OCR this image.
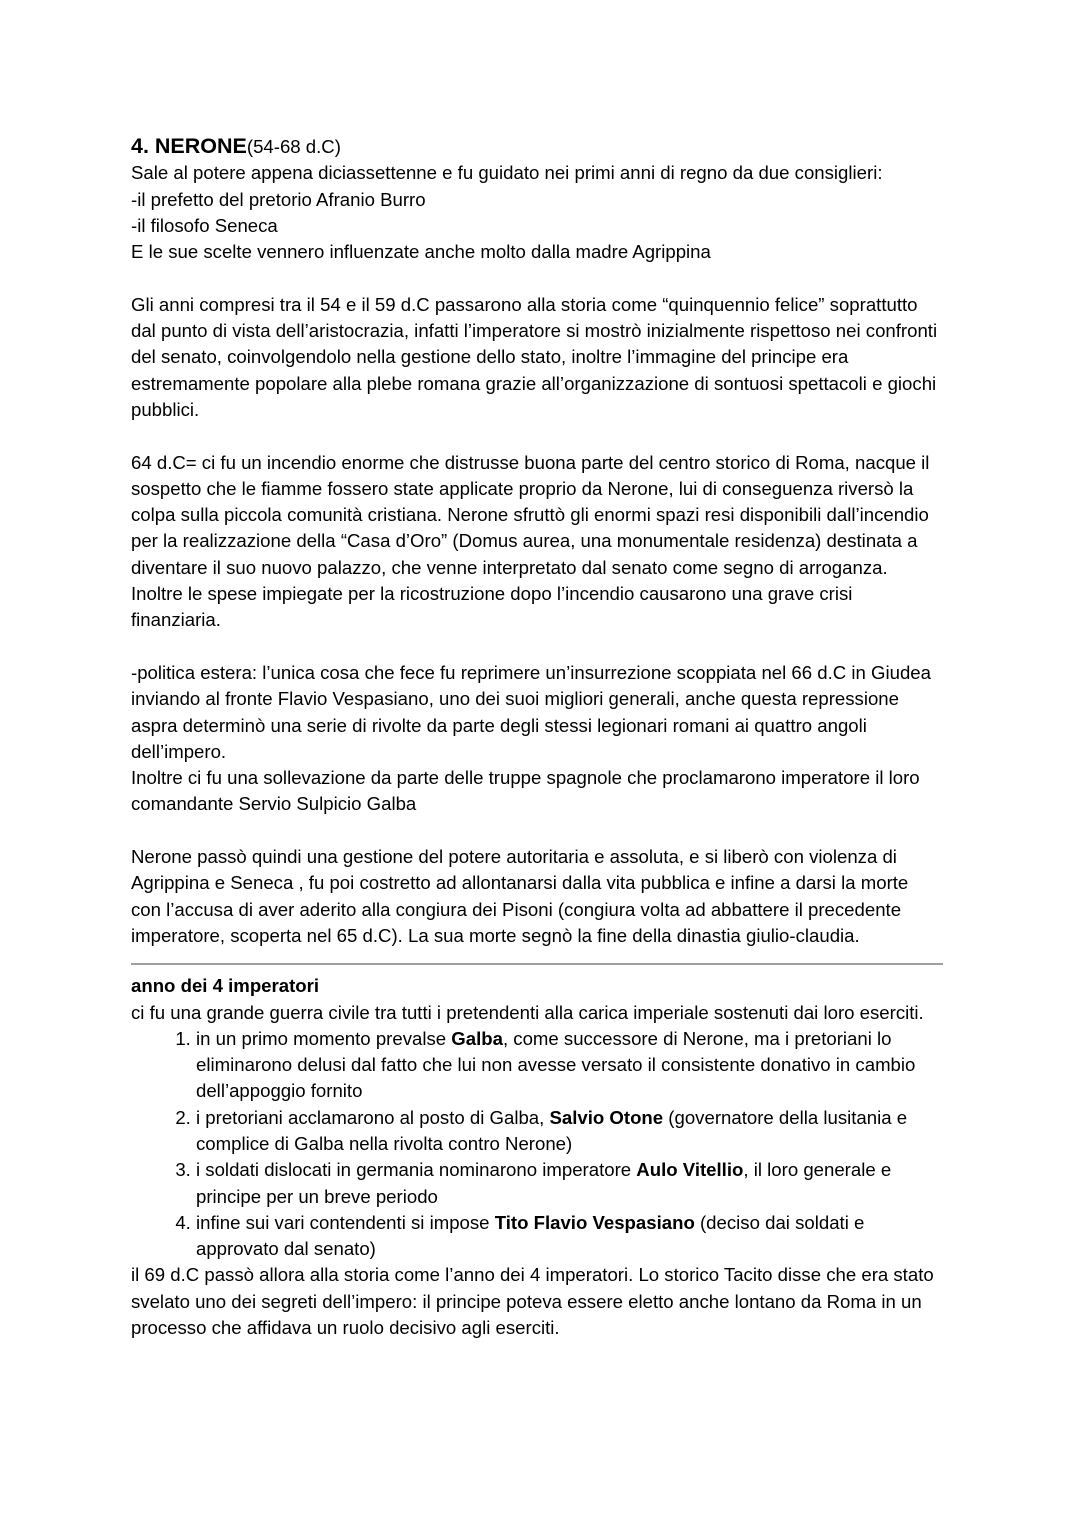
4. NERONE(54-68 d.C)

Sale al potere appena diciassettenne e fu guidato nei primi anni di regno da due consiglieri:

-il prefetto del pretorio Afranio Burro

-il filosofo Seneca

E le sue scelte vennero influenzate anche molto dalla madre Agrippina

Gli anni compresi tra il 54 e il 59 d.C passarono alla storia come “quinquennio felice” soprattutto dal punto di vista dell’aristocrazia, infatti l’imperatore si mostrò inizialmente rispettoso nei confronti del senato, coinvolgendolo nella gestione dello stato, inoltre l’immagine del principe era estremamente popolare alla plebe romana grazie all’organizzazione di sontuosi spettacoli e giochi pubblici.

64 d.C= ci fu un incendio enorme che distrusse buona parte del centro storico di Roma, nacque il sospetto che le fiamme fossero state applicate proprio da Nerone, lui di conseguenza riversò la colpa sulla piccola comunità cristiana. Nerone sfruttò gli enormi spazi resi disponibili dall’incendio per la realizzazione della “Casa d’Oro” (Domus aurea, una monumentale residenza) destinata a diventare il suo nuovo palazzo, che venne interpretato dal senato come segno di arroganza. Inoltre le spese impiegate per la ricostruzione dopo l’incendio causarono una grave crisi finanziaria.

-politica estera: l’unica cosa che fece fu reprimere un’insurrezione scoppiata nel 66 d.C in Giudea inviando al fronte Flavio Vespasiano, uno dei suoi migliori generali, anche questa repressione aspra determinò una serie di rivolte da parte degli stessi legionari romani ai quattro angoli dell’impero.

Inoltre ci fu una sollevazione da parte delle truppe spagnole che proclamarono imperatore il loro comandante Servio Sulpicio Galba

Nerone passò quindi una gestione del potere autoritaria e assoluta, e si liberò con violenza di Agrippina e Seneca , fu poi costretto ad allontanarsi dalla vita pubblica e infine a darsi la morte con l’accusa di aver aderito alla congiura dei Pisoni (congiura volta ad abbattere il precedente imperatore, scoperta nel 65 d.C). La sua morte segnò la fine della dinastia giulio-claudia.

anno dei 4 imperatori

ci fu una grande guerra civile tra tutti i pretendenti alla carica imperiale sostenuti dai loro eserciti.

1. in un primo momento prevalse Galba, come successore di Nerone, ma i pretoriani lo eliminarono delusi dal fatto che lui non avesse versato il consistente donativo in cambio dell’appoggio fornito
2. i pretoriani acclamarono al posto di Galba, Salvio Otone (governatore della lusitania e complice di Galba nella rivolta contro Nerone)
3. i soldati dislocati in germania nominarono imperatore Aulo Vitellio, il loro generale e principe per un breve periodo
4. infine sui vari contendenti si impose Tito Flavio Vespasiano (deciso dai soldati e approvato dal senato)

il 69 d.C passò allora alla storia come l’anno dei 4 imperatori. Lo storico Tacito disse che era stato svelato uno dei segreti dell’impero: il principe poteva essere eletto anche lontano da Roma in un processo che affidava un ruolo decisivo agli eserciti.
